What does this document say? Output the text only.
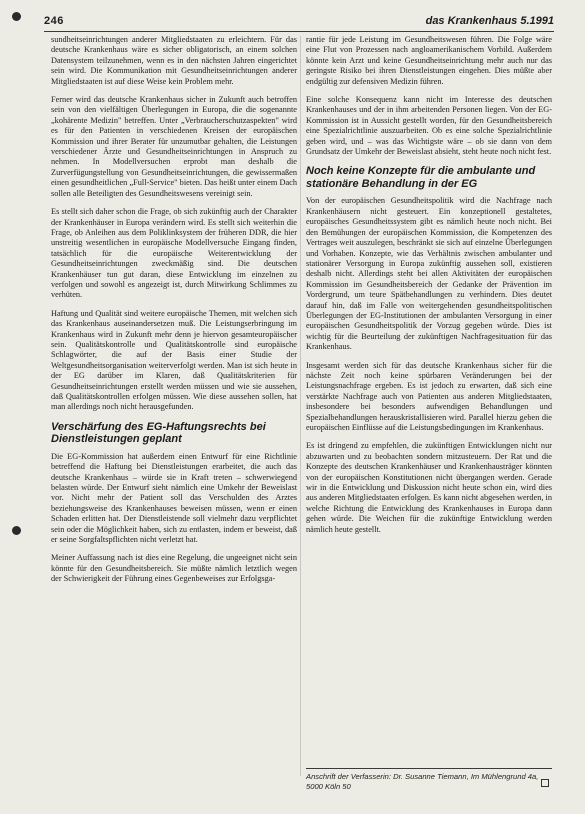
246	das Krankenhaus 5.1991

sundheitseinrichtungen anderer Mitgliedstaaten zu erleichtern. Für das deutsche Krankenhaus wäre es sicher obligatorisch, an einem solchen Datensystem teilzunehmen, wenn es in den nächsten Jahren eingerichtet sein wird. Die Kommunikation mit Gesundheitseinrichtungen anderer Mitgliedstaaten ist auf diese Weise kein Problem mehr.

Ferner wird das deutsche Krankenhaus sicher in Zukunft auch betroffen sein von den vielfältigen Überlegungen in Europa, die die sogenannte „kohärente Medizin" betreffen. Unter „Verbraucherschutzaspekten" wird es für den Patienten in verschiedenen Kreisen der europäischen Kommission und ihrer Berater für unzumutbar gehalten, die Leistungen verschiedener Ärzte und Gesundheitseinrichtungen in Anspruch zu nehmen. In Modellversuchen erprobt man deshalb die Zurverfügungstellung von Gesundheitseinrichtungen, die gewissermaßen einen gesundheitlichen „Full-Service" bieten. Das heißt unter einem Dach sollen alle Beteiligten des Gesundheitswesens vereinigt sein.

Es stellt sich daher schon die Frage, ob sich zukünftig auch der Charakter der Krankenhäuser in Europa verändern wird. Es stellt sich weiterhin die Frage, ob Anleihen aus dem Poliklinksystem der früheren DDR, die hier unstreitig wesentlichen in europäische Modellversuche Eingang finden, tatsächlich für die europäische Weiterentwicklung der Gesundheitseinrichtungen zweckmäßig sind. Die deutschen Krankenhäuser tun gut daran, diese Entwicklung im einzelnen zu verfolgen und sowohl es angezeigt ist, durch Mitwirkung Schlimmes zu verhüten.

Haftung und Qualität sind weitere europäische Themen, mit welchen sich das Krankenhaus auseinandersetzen muß. Die Leistungserbringung im Krankenhaus wird in Zukunft mehr denn je hiervon gesamteuropäischer sein. Qualitätskontrolle und Qualitätskontrolle sind europäische Schlagwörter, die auf der Basis einer Studie der Weltgesundheitsorganisation weiterverfolgt werden. Man ist sich heute in der EG darüber im Klaren, daß Qualitätskriterien für Gesundheitseinrichtungen erstellt werden müssen und wie sie aussehen, daß Qualitätskontrollen erfolgen müssen. Wie diese aussehen sollen, hat man allerdings noch nicht herausgefunden.

Verschärfung des EG-Haftungsrechts bei Dienstleistungen geplant

Die EG-Kommission hat außerdem einen Entwurf für eine Richtlinie betreffend die Haftung bei Dienstleistungen erarbeitet, die auch das deutsche Krankenhaus – würde sie in Kraft treten – schwerwiegend belasten würde. Der Entwurf sieht nämlich eine Umkehr der Beweislast vor. Nicht mehr der Patient soll das Verschulden des Arztes beziehungsweise des Krankenhauses beweisen müssen, wenn er einen Schaden erlitten hat. Der Dienstleistende soll vielmehr dazu verpflichtet sein oder die Möglichkeit haben, sich zu entlasten, indem er beweist, daß er seine Sorgfaltspflichten nicht verletzt hat.

Meiner Auffassung nach ist dies eine Regelung, die ungeeignet nicht sein könnte für den Gesundheitsbereich. Sie müßte nämlich letztlich wegen der Schwierigkeit der Führung eines Gegenbeweises zur Erfolgsga-

rantie für jede Leistung im Gesundheitswesen führen. Die Folge wäre eine Flut von Prozessen nach angloamerikanischem Vorbild. Außerdem könnte kein Arzt und keine Gesundheitseinrichtung mehr auch nur das geringste Risiko bei ihren Dienstleistungen eingehen. Dies müßte aber endgültig zur defensiven Medizin führen.

Eine solche Konsequenz kann nicht im Interesse des deutschen Krankenhauses und der in ihm arbeitenden Personen liegen. Von der EG-Kommission ist in Aussicht gestellt worden, für den Gesundheitsbereich eine Spezialrichtlinie auszuarbeiten. Ob es eine solche Spezialrichtlinie geben wird, und – was das Wichtigste wäre – ob sie dann von dem Grundsatz der Umkehr der Beweislast absieht, steht heute noch nicht fest.

Noch keine Konzepte für die ambulante und stationäre Behandlung in der EG

Von der europäischen Gesundheitspolitik wird die Nachfrage nach Krankenhäusern nicht gesteuert. Ein konzeptionell gestaltetes, europäisches Gesundheitssystem gibt es nämlich heute noch nicht. Bei den Bemühungen der europäischen Kommission, die Kompetenzen des Vertrages weit auszulegen, beschränkt sie sich auf einzelne Überlegungen und Vorhaben. Konzepte, wie das Verhältnis zwischen ambulanter und stationärer Versorgung in Europa zukünftig aussehen soll, existieren deshalb nicht. Allerdings steht bei allen Aktivitäten der europäischen Kommission im Gesundheitsbereich der Gedanke der Prävention im Vordergrund, um teure Spätbehandlungen zu verhindern. Dies deutet darauf hin, daß im Falle von weitergehenden gesundheitspolitischen Überlegungen der EG-Institutionen der ambulanten Versorgung in einer europäischen Gesundheitspolitik der Vorzug gegeben würde. Dies ist wichtig für die Beurteilung der zukünftigen Nachfragesituation für das Krankenhaus.

Insgesamt werden sich für das deutsche Krankenhaus sicher für die nächste Zeit noch keine spürbaren Veränderungen bei der Leistungsnachfrage ergeben. Es ist jedoch zu erwarten, daß sich eine verstärkte Nachfrage auch von Patienten aus anderen Mitgliedstaaten, insbesondere bei besonders aufwendigen Behandlungen und Spezialbehandlungen herauskristallisieren wird. Parallel hierzu geben die europäischen Einflüsse auf die Leistungsbedingungen im Krankenhaus.

Es ist dringend zu empfehlen, die zukünftigen Entwicklungen nicht nur abzuwarten und zu beobachten sondern mitzusteuern. Der Rat und die Konzepte des deutschen Krankenhäuser und Krankenhausträger könnten von der europäischen Konstitutionen nicht übergangen werden. Gerade wir in die Entwicklung und Diskussion nicht heute schon ein, wird dies aus anderen Mitgliedstaaten erfolgen. Es kann nicht abgesehen werden, in welche Richtung die Entwicklung des Krankenhauses in Europa dann gehen würde. Die Weichen für die zukünftige Entwicklung werden nämlich heute gestellt.

Anschrift der Verfasserin: Dr. Susanne Tiemann, Im Mühlengrund 4a, 5000 Köln 50
